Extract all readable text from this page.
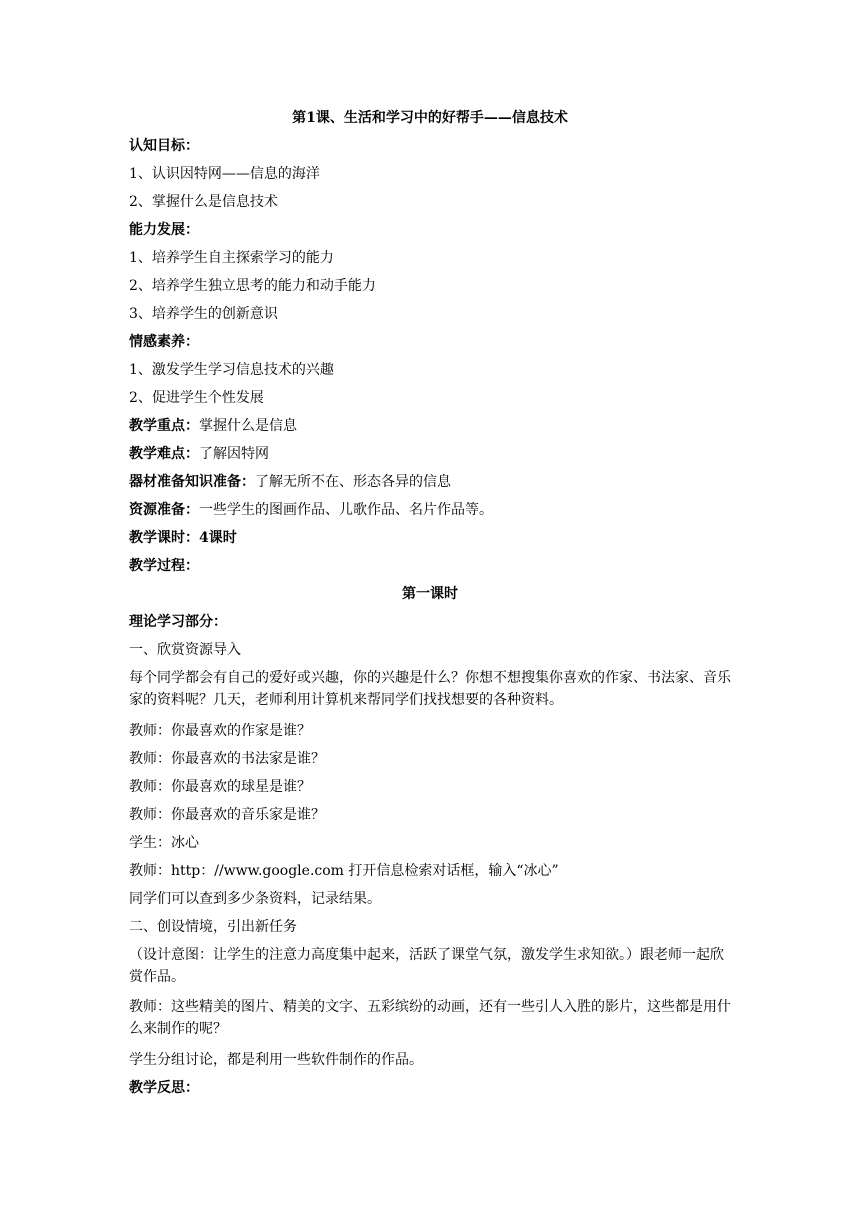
第1课、生活和学习中的好帮手——信息技术
认知目标：
1、认识因特网——信息的海洋
2、掌握什么是信息技术
能力发展：
1、培养学生自主探索学习的能力
2、培养学生独立思考的能力和动手能力
3、培养学生的创新意识
情感素养：
1、激发学生学习信息技术的兴趣
2、促进学生个性发展
教学重点：掌握什么是信息
教学难点：了解因特网
器材准备知识准备：了解无所不在、形态各异的信息
资源准备：一些学生的图画作品、儿歌作品、名片作品等。
教学课时：4课时
教学过程：
第一课时
理论学习部分：
一、欣赏资源导入
每个同学都会有自己的爱好或兴趣，你的兴趣是什么？你想不想搜集你喜欢的作家、书法家、音乐家的资料呢？几天，老师利用计算机来帮同学们找找想要的各种资料。
教师：你最喜欢的作家是谁？
教师：你最喜欢的书法家是谁？
教师：你最喜欢的球星是谁？
教师：你最喜欢的音乐家是谁？
学生：冰心
教师：http：//www.google.com 打开信息检索对话框，输入“冰心”
同学们可以查到多少条资料，记录结果。
二、创设情境，引出新任务
（设计意图：让学生的注意力高度集中起来，活跃了课堂气氛，激发学生求知欲。）跟老师一起欣赏作品。
教师：这些精美的图片、精美的文字、五彩缤纷的动画，还有一些引人入胜的影片，这些都是用什么来制作的呢？
学生分组讨论，都是利用一些软件制作的作品。
教学反思：
